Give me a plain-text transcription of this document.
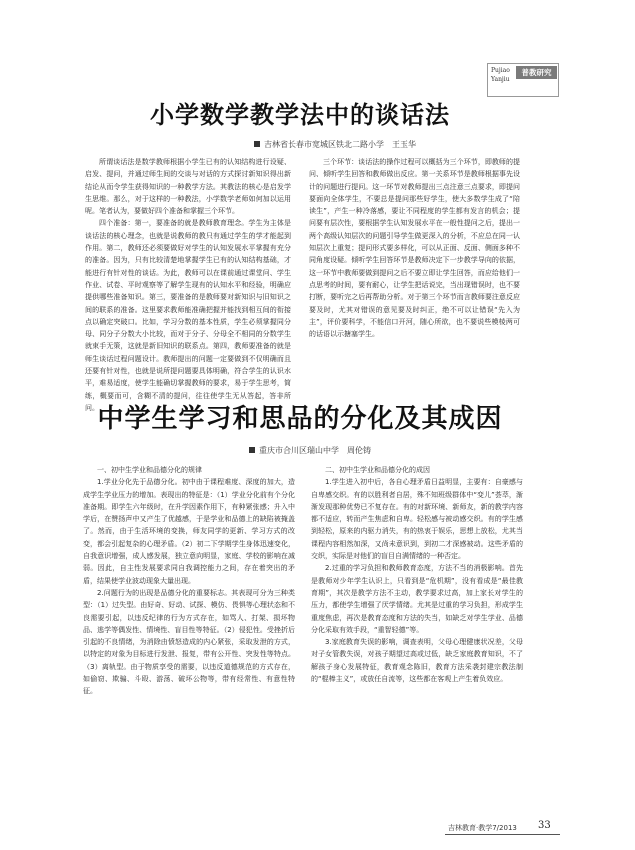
Pujiao
Yanjiu
普教研究
小学数学教学法中的谈话法
吉林省长春市宽城区铁北二路小学　王玉华

所谓谈话法是数学教师根据小学生已有的认知结构进行设疑、启发、提问，并通过师生间的交谈与对话的方式探讨新知识得出新结论从而令学生获得知识的一种教学方法。其教法的核心是启发学生思维。那么，对于这样的一种教法，小学数学老师如何加以运用呢。笔者认为，要做好四个准备和掌握三个环节。

四个准备：第一，要准备的就是教师教育理念。学生为主体是谈话法的核心理念，也就是说教师的教只有通过学生的学才能起到作用。第二，教师还必须要做好对学生的认知发展水平掌握有充分的准备。因为，只有比较清楚地掌握学生已有的认知结构基础，才能进行有针对性的谈话。为此，教师可以在课前通过课堂问、学生作业、试卷、平时观察等了解学生现有的认知水平和经验，明确应提供哪些准备知识。第三，要准备的是教师要对新知识与旧知识之间的联系的准备。这里要求教师能准确把握并能找到相互间的衔接点以确定突破口。比如，学习分数的基本性质，学生必须掌握同分母、同分子分数大小比较，而对于分子、分母全不相同的分数学生就束手无策，这就是新旧知识的联系点。第四，教师要准备的就是师生谈话过程问题设计。教师提出的问题一定要做到不仅明确而且还要有针对性，也就是说所提问题要具体明确，符合学生的认识水平，难易适度，使学生能确切掌握教师的要求，易于学生思考，简练，概要而可，含糊不清的提问，往往使学生无从答起，答非所问。

三个环节：谈话法的操作过程可以概括为三个环节，即教师的提问、倾听学生回答和教师做出反应。第一关系环节是教师根据事先设计的问题进行提问。这一环节对教师提出三点注意三点要求，即提问要面向全体学生，不要总是提问那些好学生，使大多数学生成了“陪读生”，产生一种冷落感，要让不同程度的学生都有发言的机会；提问要有层次性，要根据学生认知发展水平在一般性提问之后，提出一两个高级认知层次的问题引导学生做更深入的分析，不应总在同一认知层次上重复；提问形式要多样化，可以从正面、反面、侧面多种不同角度设疑。倾听学生回答环节是教师决定下一步教学导向的依据，这一环节中教师要做到提问之后不要立即让学生回答，而应给他们一点思考的时间，要有耐心，让学生把话说完，当出现错误时，也不要打断，要听完之后再帮助分析。对于第三个环节而言教师要注意反应要及时，尤其对错误的意见要及时纠正，绝不可以让错误“先入为主”，评价要科学，不能信口开河，随心所欲，也不要说些模棱两可的话语以示搪塞学生。

中学生学习和思品的分化及其成因
重庆市合川区瑞山中学　周伦铸

一、初中生学业和品德分化的规律

1.学业分化先于品德分化。初中由于课程难度、深度的加大，造成学生学业压力的增加。表现出的特征是：（1）学业分化前有个分化准备期。即学生六年级时，在升学因素作用下，有种紧张感；升入中学后，在赞扬声中又产生了优越感，于是学业和品德上的缺陷被掩盖了。然而，由于生活环境的变换，师友同学的更新、学习方式的改变，都会引起复杂的心理矛盾。（2）初二下学期学生身体迅速变化，自我意识增强，成人感发展，独立意向明显，家庭、学校的影响在减弱。因此，自主性发展要求同自我调控能力之间，存在着突出的矛盾，结果使学业波动现象大量出现。

2.问题行为的出现是品德分化的重要标志。其表现可分为三种类型：（1）过失型。由好奇、好动、试探、模仿、畏惧等心理状态和不良需要引起，以违反纪律的行为方式存在，如骂人、打架、损坏物品、逃学等偶发性、情境性、盲目性等特征。（2）侵犯性。受挫折后引起的不良情绪，为消除由愤怒造成的内心紧张，采取发泄的方式，以特定的对象为目标进行发泄、报复，带有公开性、突发性等特点。（3）离轨型。由于物质享受的需要，以违反道德规范的方式存在，如偷窃、欺骗、斗殴、游荡、破坏公物等，带有经常性、有意性特征。

二、初中生学业和品德分化的成因

1.学生进入初中后，各自心理矛盾日益明显，主要有：自豪感与自卑感交织。有的以胜利者自居，殊不知班级群体中“变儿”荟萃，渐渐发现那种优势已不复存在。有的对新环境、新师友，新的教学内容都不适应，转而产生焦虑和自卑。轻松感与被动感交织。有的学生感到轻松，原来的内驱力消失，有的热衷于娱乐，思想上放松，尤其当课程内容相然加深，又尚未意识到，到初二才深感被动。这些矛盾的交织，实际是对他们的盲目自满情绪的一种否定。

2.过重的学习负担和教师教育态度，方法不当的消极影响。首先是教师对少年学生认识上，只看到是“危机期”，没有看成是“最佳教育期”，其次是教学方法不主动，教学要求过高，加上家长对学生的压力，都使学生增强了厌学情绪。尤其是过重的学习负担，形成学生重度焦虑，再次是教育态度和方法的失当，如缺乏对学生学业、品德分化采取有效手段，“重智轻德”等。

3.家庭教育失误的影响，调查表明，父母心理健康状况差，父母对子女管教失误，对孩子期望过高或过低，缺乏家庭教育知识，不了解孩子身心发展特征，教育观念陈旧，教育方法采袭封建宗教法制的“棍棒主义”，或放任自流等，这些都在客观上产生着负效应。

吉林教育·教学7/2013 33
